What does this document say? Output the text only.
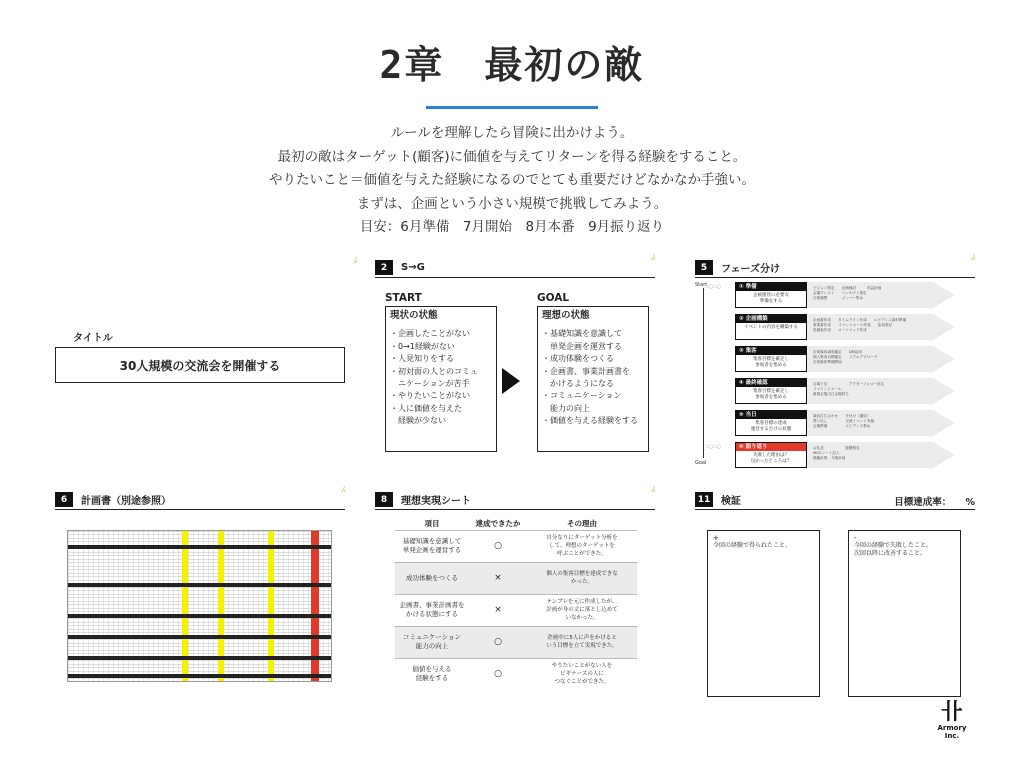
2章　最初の敵
ルールを理解したら冒険に出かけよう。
最初の敵はターゲット(顧客)に価値を与えてリターンを得る経験をすること。
やりたいこと＝価値を与えた経験になるのでとても重要だけどなかなか手強い。
まずは、企画という小さい規模で挑戦してみよう。
目安：6月準備　7月開始　8月本番　9月振り返り
ﾑ
タイトル
30人規模の交流会を開催する
2	S→G
ﾑ
START
現状の状態
・企画したことがない
・0→1経験がない
・人見知りをする
・初対面の人とのコミュ
　ニケーションが苦手
・やりたいことがない
・人に価値を与えた
　経験が少ない
GOAL
理想の状態
・基礎知識を意識して
　単発企画を運営する
・成功体験をつくる
・企画書、事業計画書を
　かけるようになる
・コミュニケーション
　能力の向上
・価値を与える経験をする
5	フェーズ分け
ﾑ
Start
Goal
① 準備
企画運営に必要な
準備をする
ビジョン策定　　企画検討　　　収益計画
会場プレスト　　コンセプト策定
日程調整　　　　メンバー集め
二〇二〇
② 企画構築
イベントの内容を構築する
企画書作成　　タイムライン作成　　エビデンス資料準備
事業書作成　　イベントページ作成　　参加者記
役割表作成　　ロードマップ作成
③ 集客
集客目標を確定し
参加者を集める
告知媒体調査確定　　DM活用
個人集客目標確定　　リアルアプローチ
告知媒体準備開始
④ 最終確認
集客目標を確定し
参加者を集める
会場下見　　　　　　アクターフォロー再生
リマインドメール
新規会場当日会場待ち
⑤ 当日
集客目標の達成
運営するだけの状態
最終打ち合わせ　　片付け（撤収）
買い出し　　　　　交流イベント実施
会場準備　　　　　エビデンス集め
⑥ 振り返り
失敗した理由は？
良かったところは？
お礼状　　　　　　経費報告
MOCシート記入
経験計算、今後計画
二〇二〇
6	計画書（別途参照）
ﾑ
8	理想実現シート
ﾑ
項目	達成できたか	その理由
基礎知識を意識して
単発企画を運営する	○	自分なりにターゲット分析を
して、理想のターゲットを
呼ぶことができた。
成功体験をつくる	×	個人の集客目標を達成できな
かった。
企画書、事業計画書を
かける状態にする	×	テンプレを元に作成したが、
計画が身の丈に落とし込めて
いなかった。
コミュニケーション
能力の向上	○	企画中に5人に声をかけると
いう目標を立て実現できた。
価値を与える
経験をする	○	やりたいことがない人を
ビギナーズの人に
つなぐことができた。
11 検証	目標達成率：　　%
+
今回の経験で得られたこと。
-
今回の経験で失敗したこと。
次回以降に改善すること。
卝
Armory Inc.
